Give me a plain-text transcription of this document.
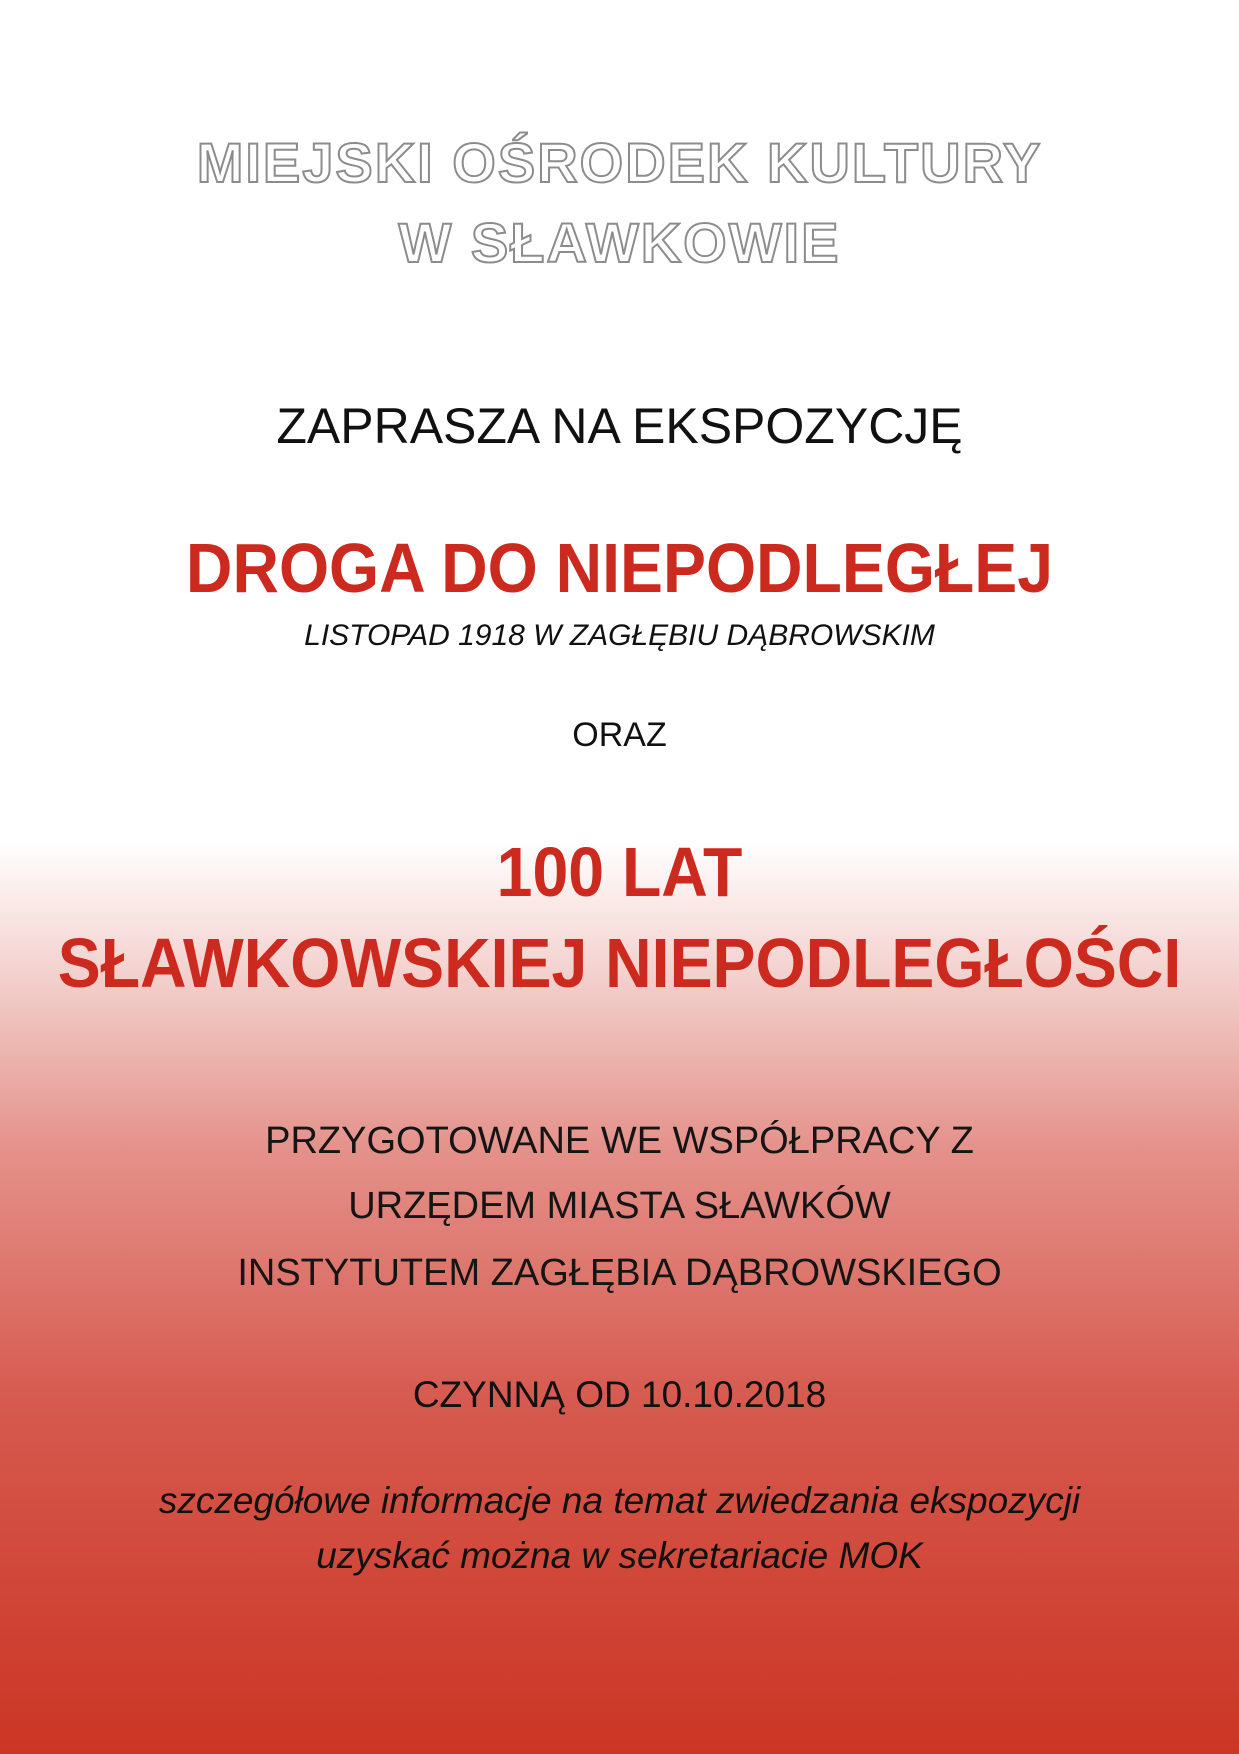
MIEJSKI OŚRODEK KULTURY
W SŁAWKOWIE
ZAPRASZA NA EKSPOZYCJĘ
DROGA DO NIEPODLEGŁEJ
LISTOPAD 1918 W ZAGŁĘBIU DĄBROWSKIM
ORAZ
100 LAT
SŁAWKOWSKIEJ NIEPODLEGŁOŚCI
PRZYGOTOWANE WE WSPÓŁPRACY Z
URZĘDEM MIASTA SŁAWKÓW
INSTYTUTEM ZAGŁĘBIA DĄBROWSKIEGO
CZYNNĄ OD 10.10.2018
szczegółowe informacje na temat zwiedzania ekspozycji
uzyskać można w sekretariacie MOK
